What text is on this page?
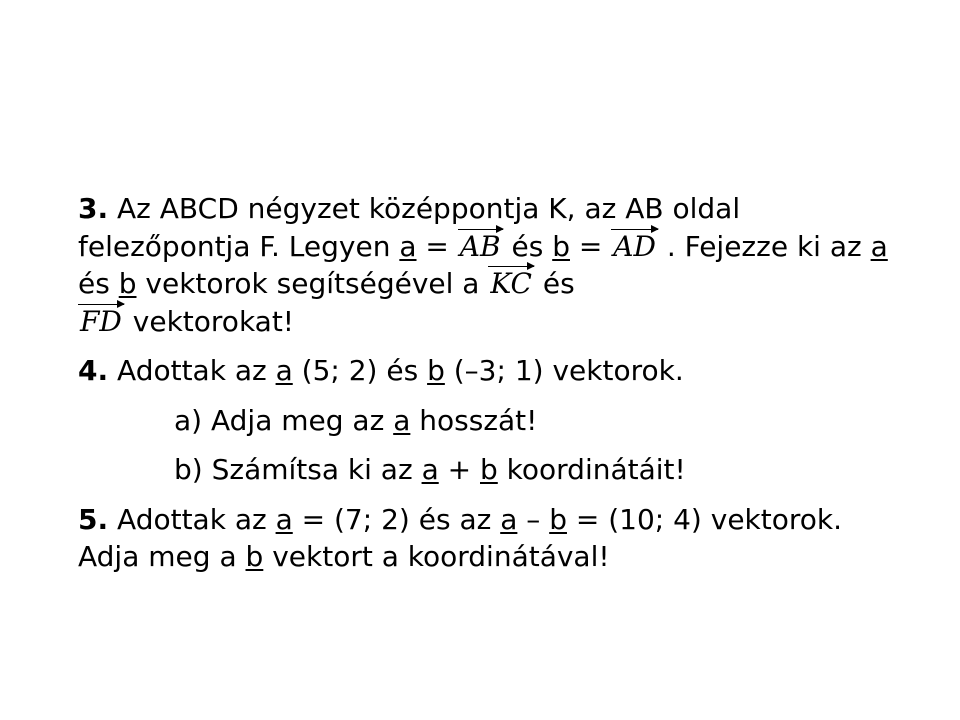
3. Az ABCD négyzet középpontja K, az AB oldal felezőpontja F. Legyen a = AB és b = AD . Fejezze ki az a és b vektorok segítségével a KC és
FD vektorokat!

4. Adottak az a (5; 2) és b (–3; 1) vektorok.

a) Adja meg az a hosszát!

b) Számítsa ki az a + b koordinátáit!

5. Adottak az a = (7; 2) és az a – b = (10; 4) vektorok. Adja meg a b vektort a koordinátával!
